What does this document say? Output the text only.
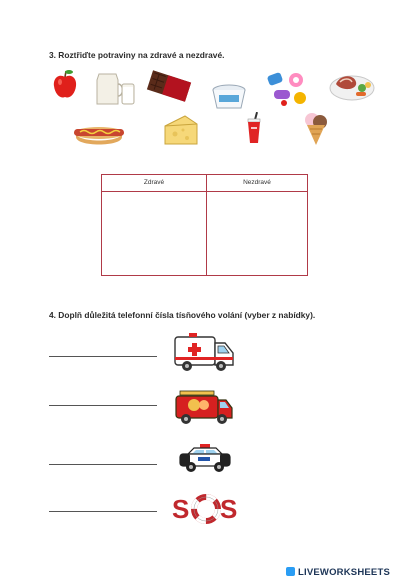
3. Roztřiďte potraviny na zdravé a nezdravé.
Zdravé	Nezdravé
4. Doplň důležitá telefonní čísla tísňového volání (vyber z nabídky).
S S
LIVEWORKSHEETS
